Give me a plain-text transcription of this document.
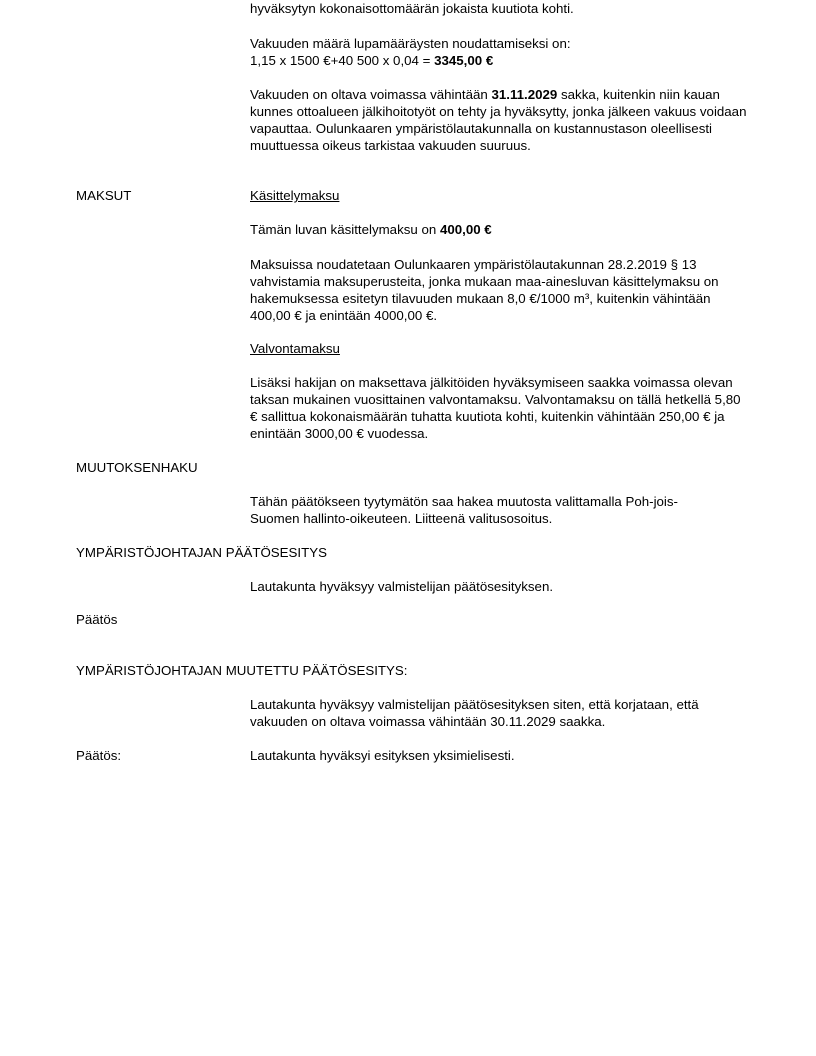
hyväksytyn kokonaisottomäärän jokaista kuutiota kohti.

Vakuuden määrä lupamääräysten noudattamiseksi on:

1,15 x 1500 €+40 500 x 0,04 = 3345,00 €

Vakuuden on oltava voimassa vähintään 31.11.2029 sakka, kuitenkin niin kauan kunnes ottoalueen jälkihoitotyöt on tehty ja hyväksytty, jonka jälkeen vakuus voidaan vapauttaa. Oulunkaaren ympäristölautakunnalla on kustannustason oleellisesti muuttuessa oikeus tarkistaa vakuuden suuruus.

MAKSUT	Käsittelymaksu

Tämän luvan käsittelymaksu on 400,00 €

Maksuissa noudatetaan Oulunkaaren ympäristölautakunnan 28.2.2019 § 13 vahvistamia maksuperusteita, jonka mukaan maa-ainesluvan käsittelymaksu on hakemuksessa esitetyn tilavuuden mukaan 8,0 €/1000 m³, kuitenkin vähintään 400,00 € ja enintään 4000,00 €.

Valvontamaksu

Lisäksi hakijan on maksettava jälkitöiden hyväksymiseen saakka voimassa olevan taksan mukainen vuosittainen valvontamaksu. Valvontamaksu on tällä hetkellä 5,80 € sallittua kokonaismäärän tuhatta kuutiota kohti, kuitenkin vähintään 250,00 € ja enintään 3000,00 € vuodessa.

MUUTOKSENHAKU

Tähän päätökseen tyytymätön saa hakea muutosta valittamalla Poh-jois-Suomen hallinto-oikeuteen. Liitteenä valitusosoitus.

YMPÄRISTÖJOHTAJAN PÄÄTÖSESITYS

Lautakunta hyväksyy valmistelijan päätösesityksen.

Päätös

YMPÄRISTÖJOHTAJAN MUUTETTU PÄÄTÖSESITYS:

Lautakunta hyväksyy valmistelijan päätösesityksen siten, että korjataan, että vakuuden on oltava voimassa vähintään 30.11.2029 saakka.

Päätös:	Lautakunta hyväksyi esityksen yksimielisesti.
